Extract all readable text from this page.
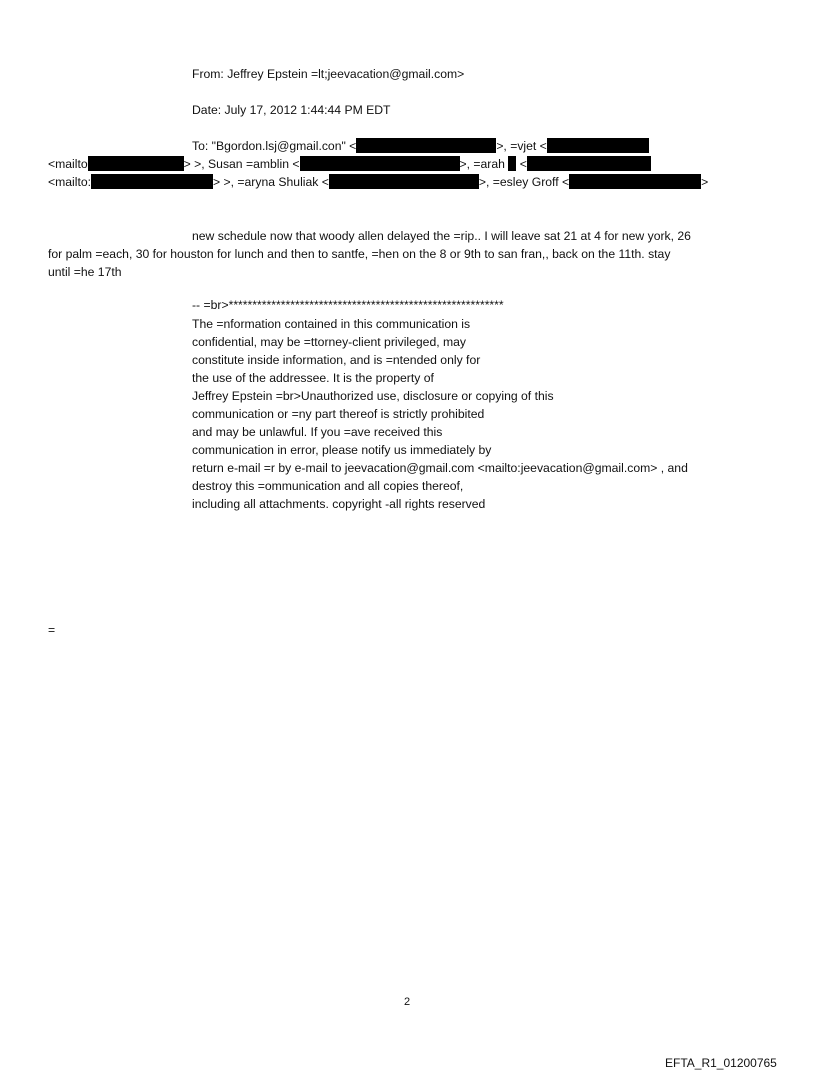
From: Jeffrey Epstein =lt;jeevacation@gmail.com>
Date: July 17, 2012 1:44:44 PM EDT
To: "Bgordon.lsj@gmail.con" <	>, =vjet <
<mailto	> >, Susan =amblin <	>, =arah <
<mailto:	> >, =aryna Shuliak <	>, =esley Groff <	>
new schedule now that woody allen delayed the =rip.. I will leave sat 21 at 4 for new york, 26
for palm =each, 30 for houston for lunch and then to santfe, =hen on the 8 or 9th to san fran,, back on the 11th. stay
until =he 17th
-- =br>**********************************************************
The =nformation contained in this communication is
confidential, may be =ttorney-client privileged, may
constitute inside information, and is =ntended only for
the use of the addressee. It is the property of
Jeffrey Epstein =br>Unauthorized use, disclosure or copying of this
communication or =ny part thereof is strictly prohibited
and may be unlawful. If you =ave received this
communication in error, please notify us immediately by
return e-mail =r by e-mail to jeevacation@gmail.com <mailto:jeevacation@gmail.com> , and
destroy this =ommunication and all copies thereof,
including all attachments. copyright -all rights reserved
=
2
EFTA_R1_01200765
